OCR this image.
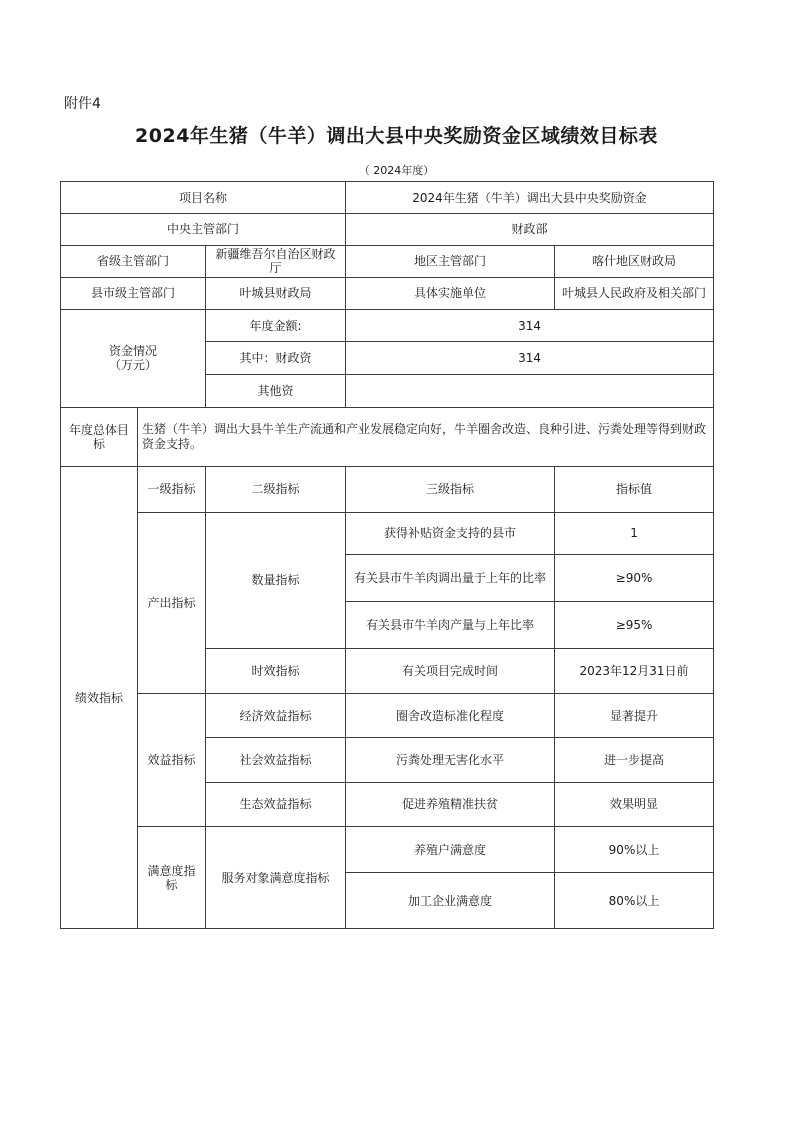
附件4
2024年生猪（牛羊）调出大县中央奖励资金区域绩效目标表
（ 2024年度）
项目名称			2024年生猪（牛羊）调出大县中央奖励资金	
中央主管部门			财政部	
省级主管部门		新疆维吾尔自治区财政厅	地区主管部门	喀什地区财政局
县市级主管部门		叶城县财政局	具体实施单位	叶城县人民政府及相关部门

资金情况
（万元）		年度金额:	314	
		其中：财政资	314	
		其他资		
年度总体目标	生猪（牛羊）调出大县牛羊生产流通和产业发展稳定向好，牛羊圈舍改造、良种引进、污粪处理等得到财政资金支持。			
绩效指标	一级指标	二级指标	三级指标	指标值
	产出指标	数量指标	获得补贴资金支持的县市	1
			有关县市牛羊肉调出量于上年的比率	≥90%
			有关县市牛羊肉产量与上年比率	≥95%
		时效指标	有关项目完成时间	2023年12月31日前
	效益指标	经济效益指标	圈舍改造标准化程度	显著提升
		社会效益指标	污粪处理无害化水平	进一步提高
		生态效益指标	促进养殖精准扶贫	效果明显
	满意度指标	服务对象满意度指标	养殖户满意度	90%以上
			加工企业满意度	80%以上
